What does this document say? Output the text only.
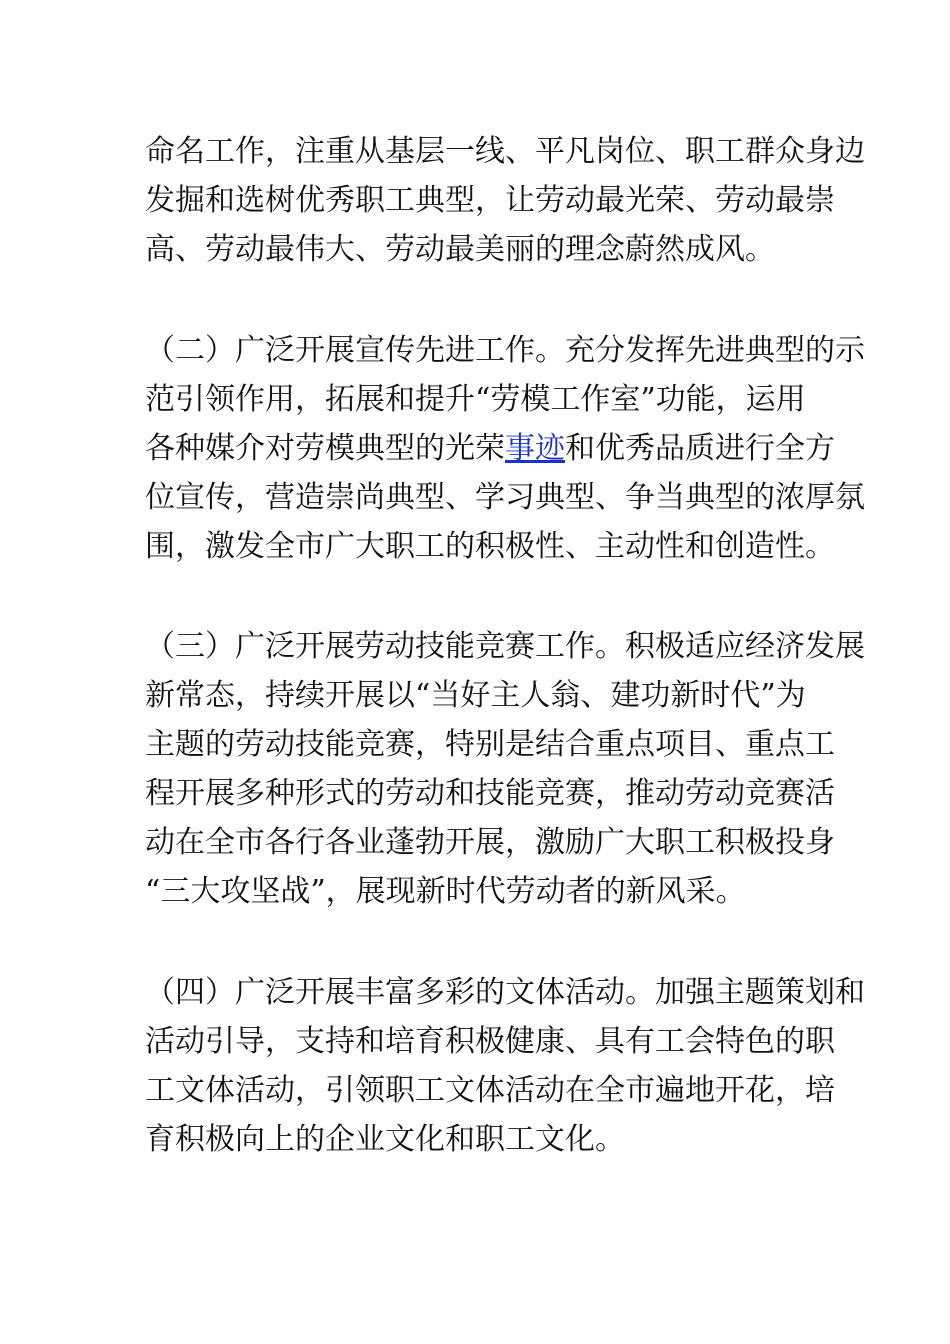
命名工作，注重从基层一线、平凡岗位、职工群众身边
发掘和选树优秀职工典型，让劳动最光荣、劳动最崇
高、劳动最伟大、劳动最美丽的理念蔚然成风。

（二）广泛开展宣传先进工作。充分发挥先进典型的示
范引领作用，拓展和提升“劳模工作室”功能，运用
各种媒介对劳模典型的光荣事迹和优秀品质进行全方
位宣传，营造崇尚典型、学习典型、争当典型的浓厚氛
围，激发全市广大职工的积极性、主动性和创造性。

（三）广泛开展劳动技能竞赛工作。积极适应经济发展
新常态，持续开展以“当好主人翁、建功新时代”为
主题的劳动技能竞赛，特别是结合重点项目、重点工
程开展多种形式的劳动和技能竞赛，推动劳动竞赛活
动在全市各行各业蓬勃开展，激励广大职工积极投身
“三大攻坚战”，展现新时代劳动者的新风采。

（四）广泛开展丰富多彩的文体活动。加强主题策划和
活动引导，支持和培育积极健康、具有工会特色的职
工文体活动，引领职工文体活动在全市遍地开花，培
育积极向上的企业文化和职工文化。
